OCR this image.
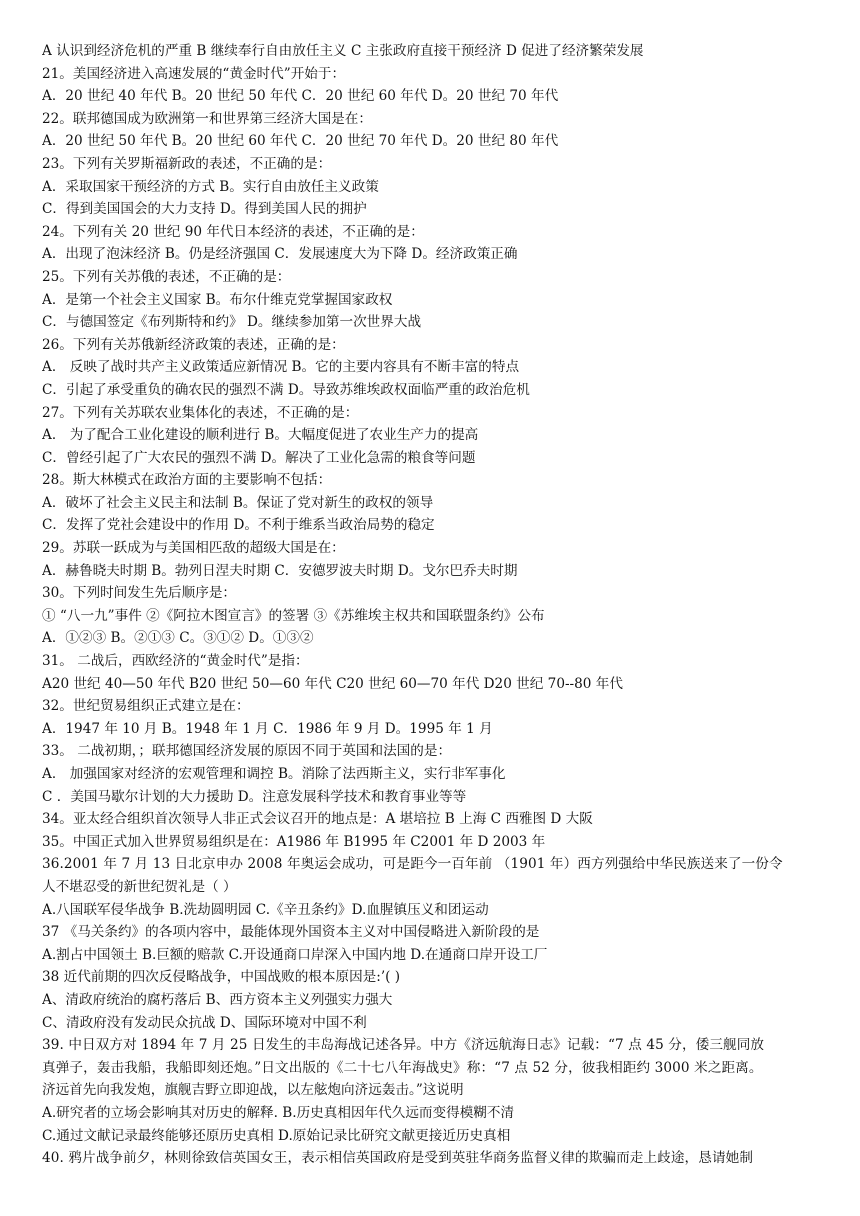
A 认识到经济危机的严重 B 继续奉行自由放任主义 C 主张政府直接干预经济 D 促进了经济繁荣发展
21。美国经济进入高速发展的“黄金时代”开始于：
A．20 世纪 40 年代 B。20 世纪 50 年代 C．20 世纪 60 年代 D。20 世纪 70 年代
22。联邦德国成为欧洲第一和世界第三经济大国是在：
A．20 世纪 50 年代 B。20 世纪 60 年代 C．20 世纪 70 年代 D。20 世纪 80 年代
23。下列有关罗斯福新政的表述，不正确的是：
A．采取国家干预经济的方式 B。实行自由放任主义政策
C．得到美国国会的大力支持 D。得到美国人民的拥护
24。下列有关 20 世纪 90 年代日本经济的表述，不正确的是：
A．出现了泡沫经济 B。仍是经济强国 C．发展速度大为下降 D。经济政策正确
25。下列有关苏俄的表述，不正确的是：
A．是第一个社会主义国家 B。布尔什维克党掌握国家政权
C．与德国签定《布列斯特和约》 D。继续参加第一次世界大战
26。下列有关苏俄新经济政策的表述，正确的是：
A． 反映了战时共产主义政策适应新情况 B。它的主要内容具有不断丰富的特点
C．引起了承受重负的确农民的强烈不满 D。导致苏维埃政权面临严重的政治危机
27。下列有关苏联农业集体化的表述，不正确的是：
A． 为了配合工业化建设的顺利进行 B。大幅度促进了农业生产力的提高
C．曾经引起了广大农民的强烈不满 D。解决了工业化急需的粮食等问题
28。斯大林模式在政治方面的主要影响不包括：
A．破坏了社会主义民主和法制 B。保证了党对新生的政权的领导
C．发挥了党社会建设中的作用 D。不利于维系当政治局势的稳定
29。苏联一跃成为与美国相匹敌的超级大国是在：
A．赫鲁晓夫时期 B。勃列日涅夫时期 C．安德罗波夫时期 D。戈尔巴乔夫时期
30。下列时间发生先后顺序是：
① “八一九”事件 ②《阿拉木图宣言》的签署 ③《苏维埃主权共和国联盟条约》公布
A．①②③ B。②①③ C。③①② D。①③②
31。 二战后，西欧经济的“黄金时代”是指：
A20 世纪 40—50 年代 B20 世纪 50—60 年代 C20 世纪 60—70 年代 D20 世纪 70--80 年代
32。世纪贸易组织正式建立是在：
A．1947 年 10 月 B。1948 年 1 月 C．1986 年 9 月 D。1995 年 1 月
33。 二战初期，；联邦德国经济发展的原因不同于英国和法国的是：
A． 加强国家对经济的宏观管理和调控 B。消除了法西斯主义，实行非军事化
C ．美国马歇尔计划的大力援助 D。注意发展科学技术和教育事业等等
34。亚太经合组织首次领导人非正式会议召开的地点是：A 堪培拉 B 上海 C 西雅图 D 大阪
35。中国正式加入世界贸易组织是在：A1986 年 B1995 年 C2001 年 D 2003 年
36.2001 年 7 月 13 日北京申办 2008 年奥运会成功，可是距今一百年前 （1901 年）西方列强给中华民族送来了一份令
人不堪忍受的新世纪贺礼是（ ）
A.八国联军侵华战争 B.洗劫圆明园 C.《辛丑条约》D.血腥镇压义和团运动
37 《马关条约》的各项内容中，最能体现外国资本主义对中国侵略进入新阶段的是
A.割占中国领土 B.巨额的赔款 C.开设通商口岸深入中国内地 D.在通商口岸开设工厂
38 近代前期的四次反侵略战争，中国战败的根本原因是:’( )
A、清政府统治的腐朽落后 B、西方资本主义列强实力强大
C、清政府没有发动民众抗战 D、国际环境对中国不利
39. 中日双方对 1894 年 7 月 25 日发生的丰岛海战记述各异。中方《济远航海日志》记载：“7 点 45 分，倭三舰同放
真弹子，轰击我船，我船即刻还炮。”日文出版的《二十七八年海战史》称：“7 点 52 分，彼我相距约 3000 米之距离。
济远首先向我发炮，旗舰吉野立即迎战，以左舷炮向济远轰击。”这说明
A.研究者的立场会影响其对历史的解释. B.历史真相因年代久远而变得模糊不清
C.通过文献记录最终能够还原历史真相 D.原始记录比研究文献更接近历史真相
40. 鸦片战争前夕，林则徐致信英国女王，表示相信英国政府是受到英驻华商务监督义律的欺骗而走上歧途，恳请她制
